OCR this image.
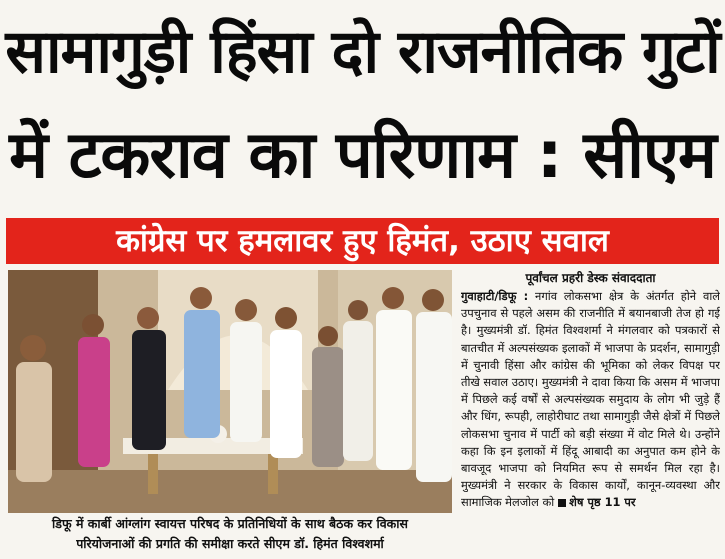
सामागुड़ी हिंसा दो राजनीतिक गुटों
में टकराव का परिणाम : सीएम
कांग्रेस पर हमलावर हुए हिमंत, उठाए सवाल
डिफू में कार्बी आंग्लांग स्वायत्त परिषद के प्रतिनिधियों के साथ बैठक कर विकास
परियोजनाओं की प्रगति की समीक्षा करते सीएम डॉ. हिमंत विश्वशर्मा
पूर्वांचल प्रहरी डेस्क संवाददाता

गुवाहाटी/डिफू : नगांव लोकसभा क्षेत्र के अंतर्गत होने वाले उपचुनाव से पहले असम की राजनीति में बयानबाजी तेज हो गई है। मुख्यमंत्री डॉ. हिमंत विश्वशर्मा ने मंगलवार को पत्रकारों से बातचीत में अल्पसंख्यक इलाकों में भाजपा के प्रदर्शन, सामागुड़ी में चुनावी हिंसा और कांग्रेस की भूमिका को लेकर विपक्ष पर तीखे सवाल उठाए। मुख्यमंत्री ने दावा किया कि असम में भाजपा में पिछले कई वर्षों से अल्पसंख्यक समुदाय के लोग भी जुड़े हैं और धिंग, रूपही, लाहोरीघाट तथा सामागुड़ी जैसे क्षेत्रों में पिछले लोकसभा चुनाव में पार्टी को बड़ी संख्या में वोट मिले थे। उन्होंने कहा कि इन इलाकों में हिंदू आबादी का अनुपात कम होने के बावजूद भाजपा को नियमित रूप से समर्थन मिल रहा है। मुख्यमंत्री ने सरकार के विकास कार्यों, कानून-व्यवस्था और सामाजिक मेलजोल को शेष पृष्ठ 11 पर
